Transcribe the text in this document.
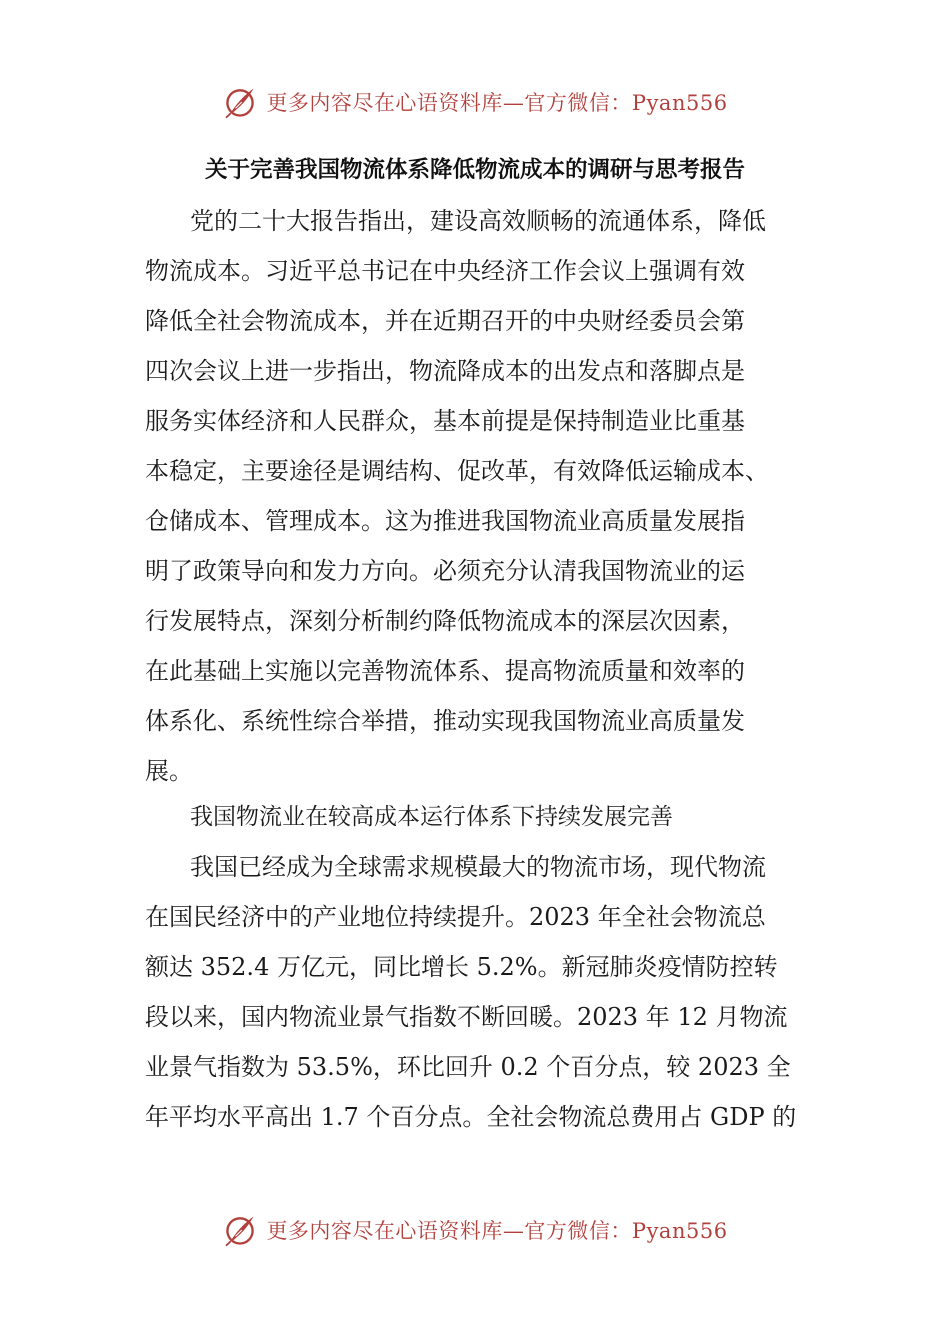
更多内容尽在心语资料库—官方微信：Pyan556
关于完善我国物流体系降低物流成本的调研与思考报告
党的二十大报告指出，建设高效顺畅的流通体系，降低
物流成本。习近平总书记在中央经济工作会议上强调有效
降低全社会物流成本，并在近期召开的中央财经委员会第
四次会议上进一步指出，物流降成本的出发点和落脚点是
服务实体经济和人民群众，基本前提是保持制造业比重基
本稳定，主要途径是调结构、促改革，有效降低运输成本、
仓储成本、管理成本。这为推进我国物流业高质量发展指
明了政策导向和发力方向。必须充分认清我国物流业的运
行发展特点，深刻分析制约降低物流成本的深层次因素，
在此基础上实施以完善物流体系、提高物流质量和效率的
体系化、系统性综合举措，推动实现我国物流业高质量发
展。
我国物流业在较高成本运行体系下持续发展完善
我国已经成为全球需求规模最大的物流市场，现代物流
在国民经济中的产业地位持续提升。2023 年全社会物流总
额达 352.4 万亿元，同比增长 5.2%。新冠肺炎疫情防控转
段以来，国内物流业景气指数不断回暖。2023 年 12 月物流
业景气指数为 53.5%，环比回升 0.2 个百分点，较 2023 全
年平均水平高出 1.7 个百分点。全社会物流总费用占 GDP 的
更多内容尽在心语资料库—官方微信：Pyan556
